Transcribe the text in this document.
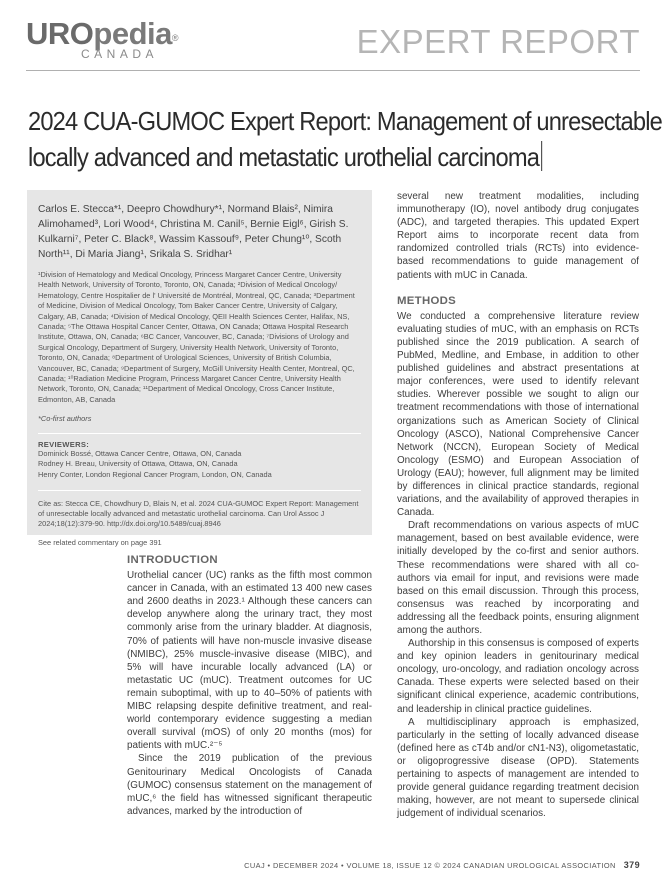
UROpedia®
CANADA	EXPERT REPORT
2024 CUA-GUMOC Expert Report: Management of unresectable
locally advanced and metastatic urothelial carcinoma
Carlos E. Stecca*¹, Deepro Chowdhury*¹, Normand Blais², Nimira Alimohamed³, Lori Wood⁴, Christina M. Canil⁵, Bernie Eigl⁶, Girish S. Kulkarni⁷, Peter C. Black⁸, Wassim Kassouf⁹, Peter Chung¹⁰, Scoth North¹¹, Di Maria Jiang¹, Srikala S. Sridhar¹
¹Division of Hematology and Medical Oncology, Princess Margaret Cancer Centre, University Health Network, University of Toronto, Toronto, ON, Canada; ²Division of Medical Oncology/ Hematology, Centre Hospitalier de l' Université de Montréal, Montreal, QC, Canada; ³Department of Medicine, Division of Medical Oncology, Tom Baker Cancer Centre, University of Calgary, Calgary, AB, Canada; ⁴Division of Medical Oncology, QEII Health Sciences Center, Halifax, NS, Canada; ⁵The Ottawa Hospital Cancer Center, Ottawa, ON Canada; Ottawa Hospital Research Institute, Ottawa, ON, Canada; ⁶BC Cancer, Vancouver, BC, Canada; ⁷Divisions of Urology and Surgical Oncology, Department of Surgery, University Health Network, University of Toronto, Toronto, ON, Canada; ⁸Department of Urological Sciences, University of British Columbia, Vancouver, BC, Canada; ⁹Department of Surgery, McGill University Health Center, Montreal, QC, Canada; ¹⁰Radiation Medicine Program, Princess Margaret Cancer Centre, University Health Network, Toronto, ON, Canada; ¹¹Department of Medical Oncology, Cross Cancer Institute, Edmonton, AB, Canada
*Co-first authors
REVIEWERS:
Dominick Bossé, Ottawa Cancer Centre, Ottawa, ON, Canada
Rodney H. Breau, University of Ottawa, Ottawa, ON, Canada
Henry Conter, London Regional Cancer Program, London, ON, Canada
Cite as: Stecca CE, Chowdhury D, Blais N, et al. 2024 CUA-GUMOC Expert Report: Management of unresectable locally advanced and metastatic urothelial carcinoma. Can Urol Assoc J 2024;18(12):379-90. http://dx.doi.org/10.5489/cuaj.8946
See related commentary on page 391
INTRODUCTION

Urothelial cancer (UC) ranks as the fifth most common cancer in Canada, with an estimated 13 400 new cases and 2600 deaths in 2023.¹ Although these cancers can develop anywhere along the urinary tract, they most commonly arise from the urinary bladder. At diagnosis, 70% of patients will have non-muscle invasive disease (NMIBC), 25% muscle-invasive disease (MIBC), and 5% will have incurable locally advanced (LA) or metastatic UC (mUC). Treatment outcomes for UC remain suboptimal, with up to 40–50% of patients with MIBC relapsing despite definitive treatment, and real-world contemporary evidence suggesting a median overall survival (mOS) of only 20 months (mos) for patients with mUC.²⁻⁵

Since the 2019 publication of the previous Genitourinary Medical Oncologists of Canada (GUMOC) consensus statement on the management of mUC,⁶ the field has witnessed significant therapeutic advances, marked by the introduction of

several new treatment modalities, including immunotherapy (IO), novel antibody drug conjugates (ADC), and targeted therapies. This updated Expert Report aims to incorporate recent data from randomized controlled trials (RCTs) into evidence-based recommendations to guide management of patients with mUC in Canada.

METHODS

We conducted a comprehensive literature review evaluating studies of mUC, with an emphasis on RCTs published since the 2019 publication. A search of PubMed, Medline, and Embase, in addition to other published guidelines and abstract presentations at major conferences, were used to identify relevant studies. Wherever possible we sought to align our treatment recommendations with those of international organizations such as American Society of Clinical Oncology (ASCO), National Comprehensive Cancer Network (NCCN), European Society of Medical Oncology (ESMO) and European Association of Urology (EAU); however, full alignment may be limited by differences in clinical practice standards, regional variations, and the availability of approved therapies in Canada.

Draft recommendations on various aspects of mUC management, based on best available evidence, were initially developed by the co-first and senior authors. These recommendations were shared with all co-authors via email for input, and revisions were made based on this email discussion. Through this process, consensus was reached by incorporating and addressing all the feedback points, ensuring alignment among the authors.

Authorship in this consensus is composed of experts and key opinion leaders in genitourinary medical oncology, uro-oncology, and radiation oncology across Canada. These experts were selected based on their significant clinical experience, academic contributions, and leadership in clinical practice guidelines.

A multidisciplinary approach is emphasized, particularly in the setting of locally advanced disease (defined here as cT4b and/or cN1-N3), oligometastatic, or oligoprogressive disease (OPD). Statements pertaining to aspects of management are intended to provide general guidance regarding treatment decision making, however, are not meant to supersede clinical judgement of individual scenarios.

CUAJ • DECEMBER 2024 • VOLUME 18, ISSUE 12 © 2024 CANADIAN UROLOGICAL ASSOCIATION 379
